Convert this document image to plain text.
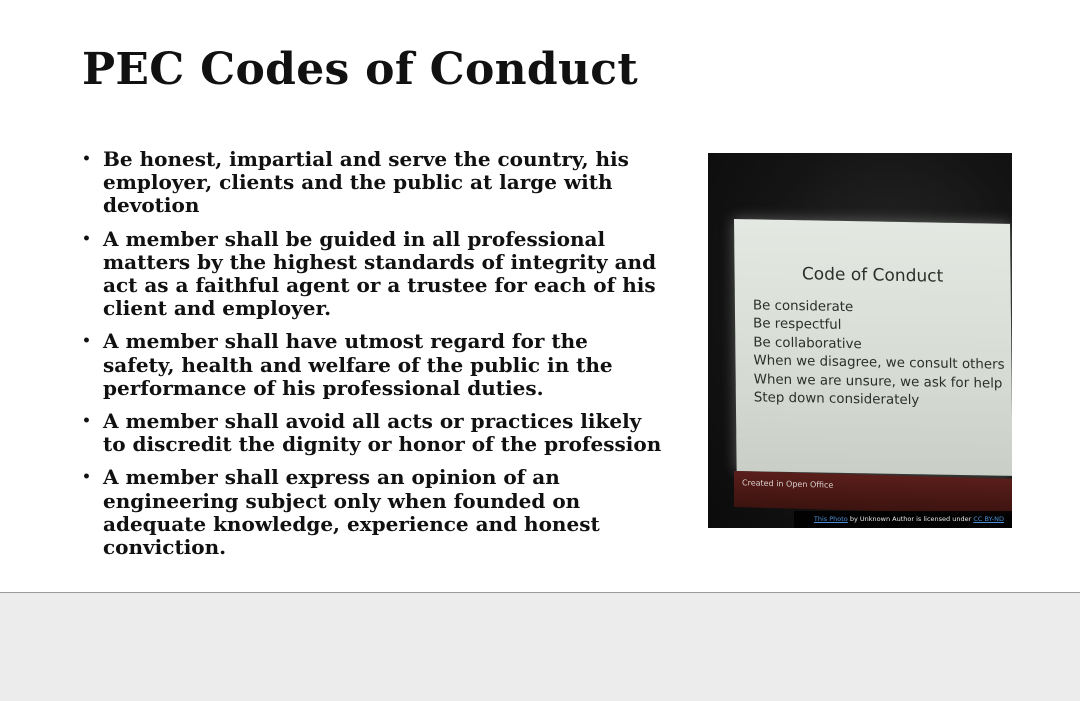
PEC Codes of Conduct
• Be honest, impartial and serve the country, his employer, clients and the public at large with devotion
• A member shall be guided in all professional matters by the highest standards of integrity and act as a faithful agent or a trustee for each of his client and employer.
• A member shall have utmost regard for the safety, health and welfare of the public in the performance of his professional duties.
• A member shall avoid all acts or practices likely to discredit the dignity or honor of the profession
• A member shall express an opinion of an engineering subject only when founded on adequate knowledge, experience and honest conviction.
Code of Conduct
Be considerate
Be respectful
Be collaborative
When we disagree, we consult others
When we are unsure, we ask for help
Step down considerately
Created in Open Office
This Photo by Unknown Author is licensed under CC BY-ND
